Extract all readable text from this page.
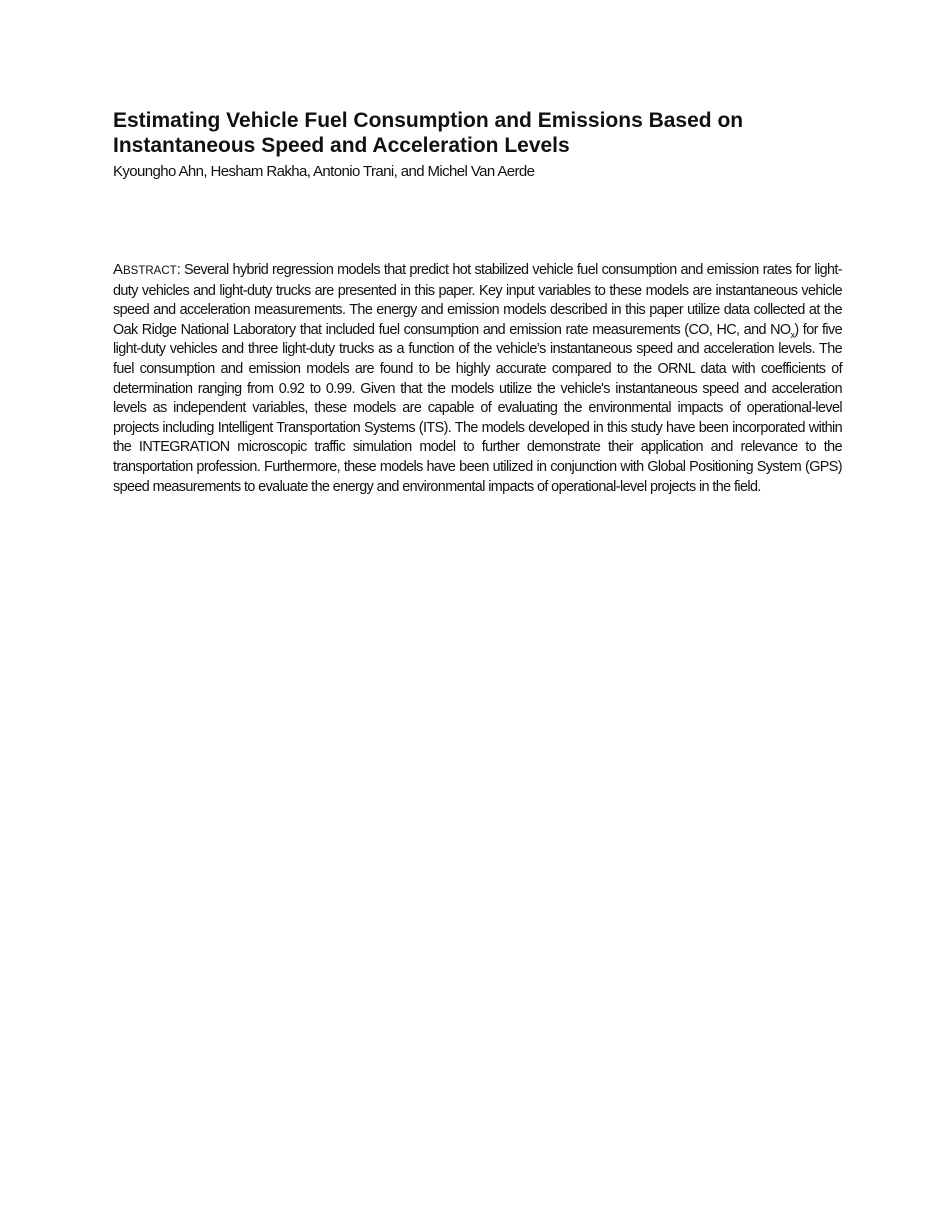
Estimating Vehicle Fuel Consumption and Emissions Based on Instantaneous Speed and Acceleration Levels
Kyoungho Ahn, Hesham Rakha, Antonio Trani, and Michel Van Aerde

ABSTRACT: Several hybrid regression models that predict hot stabilized vehicle fuel consumption and emission rates for light-duty vehicles and light-duty trucks are presented in this paper. Key input variables to these models are instantaneous vehicle speed and acceleration measurements. The energy and emission models described in this paper utilize data collected at the Oak Ridge National Laboratory that included fuel consumption and emission rate measurements (CO, HC, and $NO_x$) for five light-duty vehicles and three light-duty trucks as a function of the vehicle’s instantaneous speed and acceleration levels. The fuel consumption and emission models are found to be highly accurate compared to the ORNL data with coefficients of determination ranging from 0.92 to 0.99. Given that the models utilize the vehicle's instantaneous speed and acceleration levels as independent variables, these models are capable of evaluating the environmental impacts of operational-level projects including Intelligent Transportation Systems (ITS). The models developed in this study have been incorporated within the INTEGRATION microscopic traffic simulation model to further demonstrate their application and relevance to the transportation profession. Furthermore, these models have been utilized in conjunction with Global Positioning System (GPS) speed measurements to evaluate the energy and environmental impacts of operational-level projects in the field.
